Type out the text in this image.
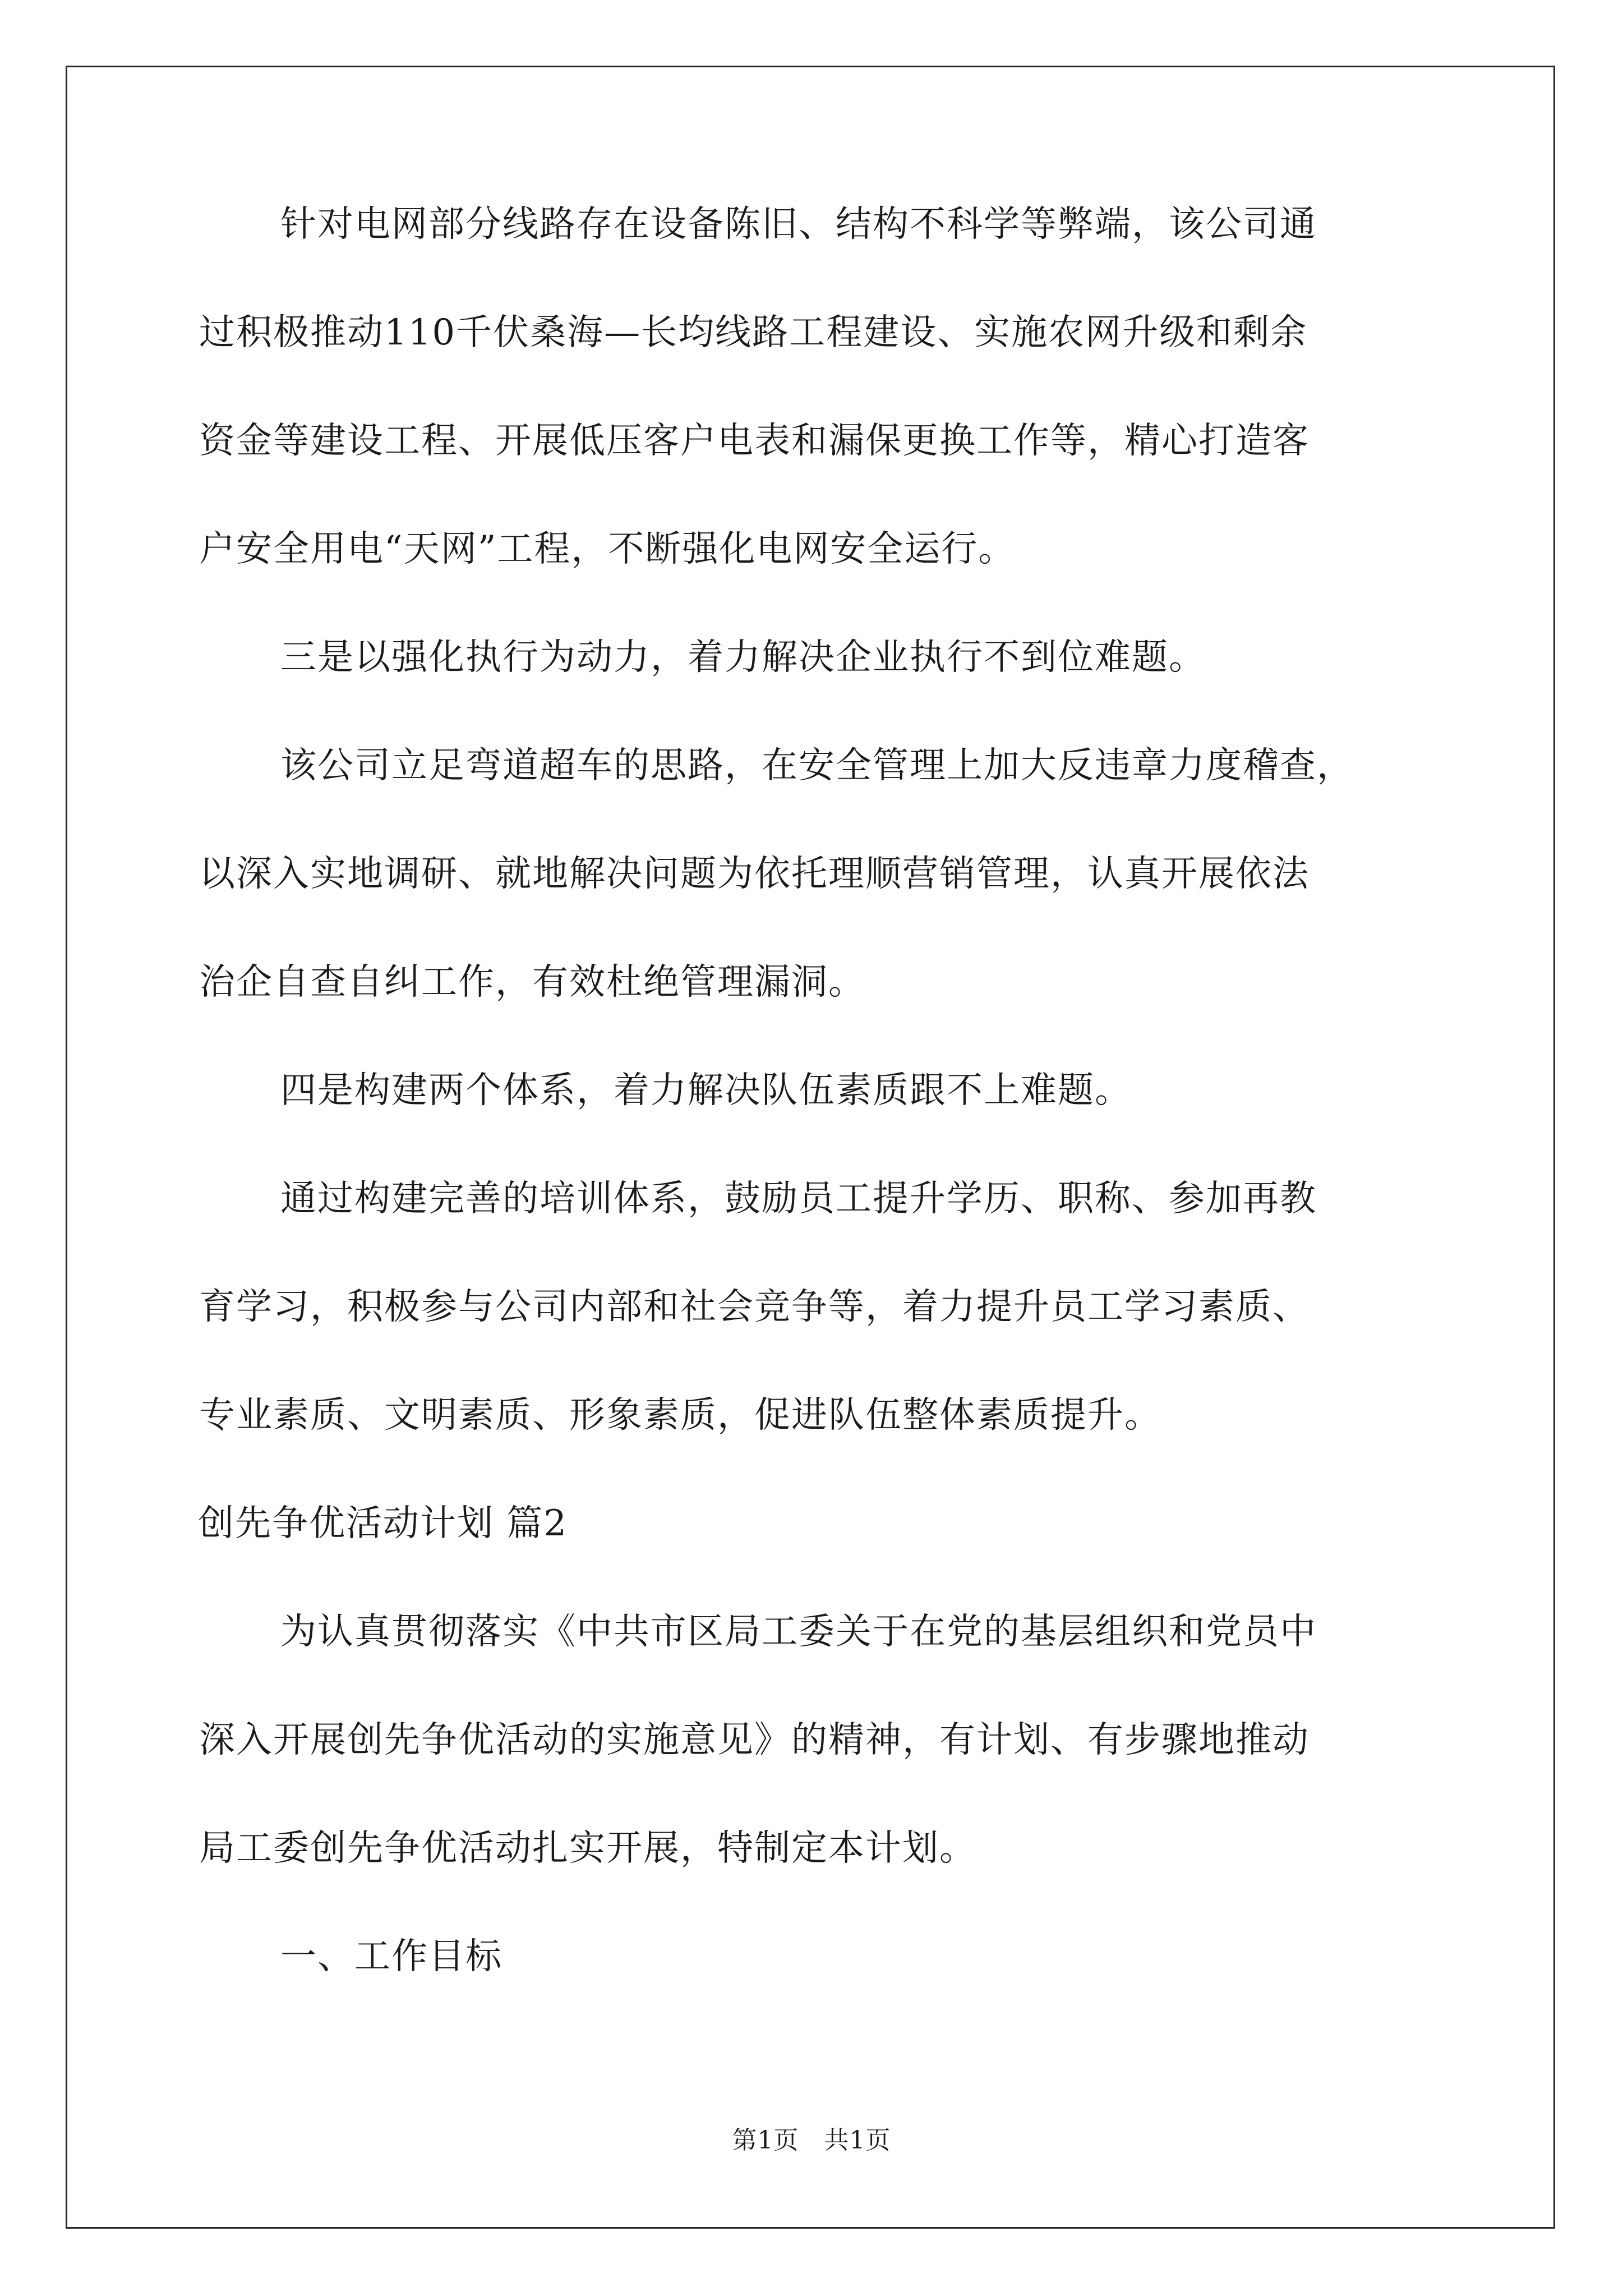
针对电网部分线路存在设备陈旧、结构不科学等弊端，该公司通

过积极推动110千伏桑海—长均线路工程建设、实施农网升级和剩余

资金等建设工程、开展低压客户电表和漏保更换工作等，精心打造客

户安全用电“天网”工程，不断强化电网安全运行。

三是以强化执行为动力，着力解决企业执行不到位难题。

该公司立足弯道超车的思路，在安全管理上加大反违章力度稽查，

以深入实地调研、就地解决问题为依托理顺营销管理，认真开展依法

治企自查自纠工作，有效杜绝管理漏洞。

四是构建两个体系，着力解决队伍素质跟不上难题。

通过构建完善的培训体系，鼓励员工提升学历、职称、参加再教

育学习，积极参与公司内部和社会竞争等，着力提升员工学习素质、

专业素质、文明素质、形象素质，促进队伍整体素质提升。

创先争优活动计划 篇2

为认真贯彻落实《中共市区局工委关于在党的基层组织和党员中

深入开展创先争优活动的实施意见》的精神，有计划、有步骤地推动

局工委创先争优活动扎实开展，特制定本计划。

一、工作目标

第1页　共1页
